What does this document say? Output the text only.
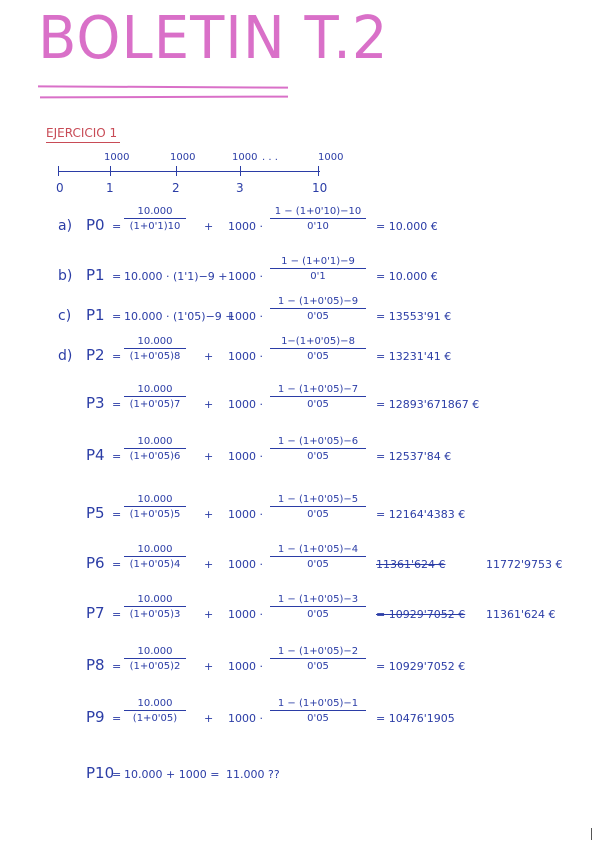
BOLETIN T.2
EJERCICIO 1
1000	1000	1000 . . .	1000
0	1	2	3	10
a) $P0 = \frac{10.000}{(1+0'1)10} + 1000 \cdot \frac{1 - (1+0'10)-10}{0'10} = 10.000$ €
b) $P1 = 10.000 \cdot (1'1)-9 + 1000 \cdot \frac{1 - (1+0'1)-9}{0'1} = 10.000$ €
c) P1 = 10.000 · (1'05)−9 +
$1000 \cdot \frac{1 - (1+0'05)-9}{0'05} = 13553'91$ €
d) $P2 = \frac{10.000}{(1+0'05)8} + 1000 \cdot \frac{1-(1+0'05)-8}{0'05} = 13231'41$ €
$P3 = \frac{10.000}{(1+0'05)7} + 1000 \cdot \frac{1 - (1+0'05)-7}{0'05} = 12893'671867$ €
$P4 = \frac{10.000}{(1+0'05)6} + 1000 \cdot \frac{1 - (1+0'05)-6}{0'05} = 12537'84$ €
$P5 = \frac{10.000}{(1+0'05)5} + 1000 \cdot \frac{1 - (1+0'05)-5}{0'05} = 12164'4383$ €
$P6 = \frac{10.000}{(1+0'05)4} + 1000 \cdot \frac{1 - (1+0'05)-4}{0'05} 11361'624$ €	11772'9753 €
$P7 = \frac{10.000}{(1+0'05)3} + 1000 \cdot \frac{1 - (1+0'05)-3}{0'05} = 10929'7052$ € 11361'624 €
$P8 = \frac{10.000}{(1+0'05)2} + 1000 \cdot \frac{1 - (1+0'05)-2}{0'05} = 10929'7052$ €
$P9 = \frac{10.000}{(1+0'05)} + 1000 \cdot \frac{1 - (1+0'05)-1}{0'05} = 10476'1905$
P10
= 10.000 + 1000 = 11.000 ??
